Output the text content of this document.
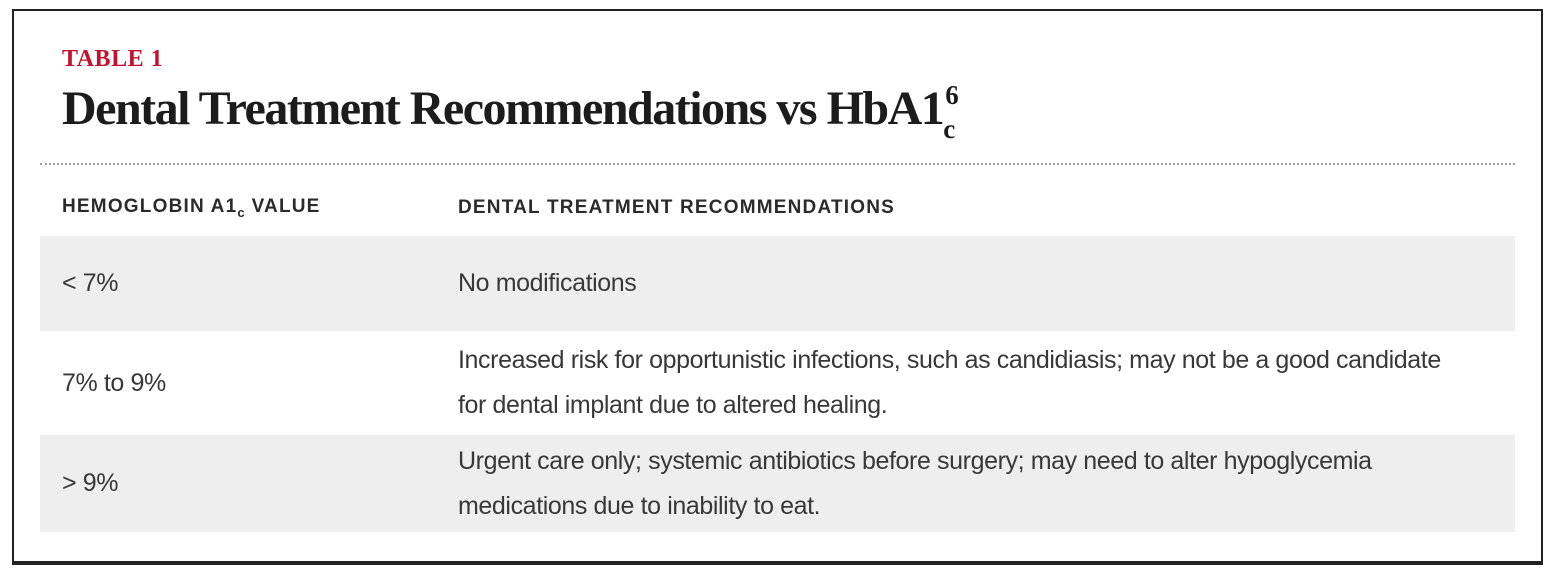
TABLE 1
Dental Treatment Recommendations vs $HbA1_c^6$
HEMOGLOBIN $A1_c$ VALUE	DENTAL TREATMENT RECOMMENDATIONS
< 7%	No modifications
7% to 9%
Increased risk for opportunistic infections, such as candidiasis; may not be a good candidate for dental implant due to altered healing.
> 9%
Urgent care only; systemic antibiotics before surgery; may need to alter hypoglycemia medications due to inability to eat.
